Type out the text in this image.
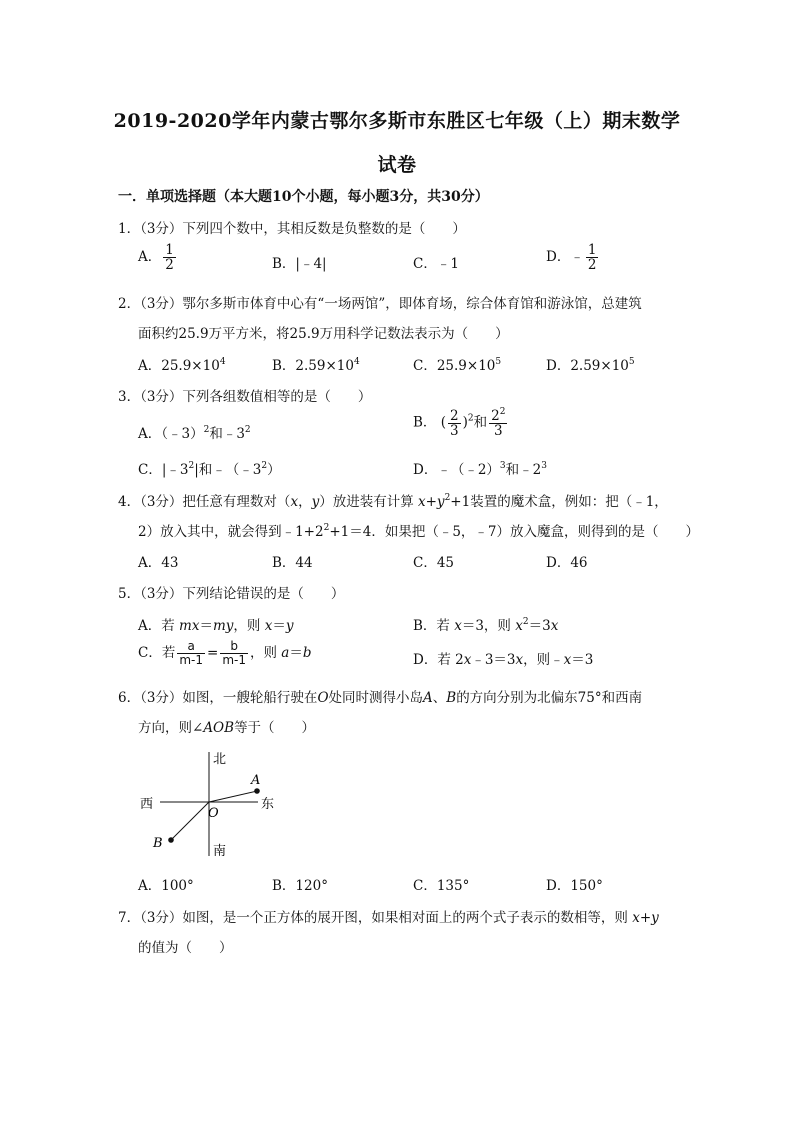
2019-2020学年内蒙古鄂尔多斯市东胜区七年级（上）期末数学
试卷
一．单项选择题（本大题10个小题，每小题3分，共30分）
1．（3分）下列四个数中，其相反数是负整数的是（　　）
A． $\frac{1}{2}$	B．|﹣4|	C．﹣1	D．﹣ $\frac{1}{2}$
2．（3分）鄂尔多斯市体育中心有“一场两馆”，即体育场，综合体育馆和游泳馆，总建筑
面积约25.9万平方米，将25.9万用科学记数法表示为（　　）
A．$25.9\times 10^4$	B．$2.59\times 10^4$	C．$25.9\times 10^5$	D．$2.59\times 10^5$
3．（3分）下列各组数值相等的是（　　）
A．（﹣3）$^2$和$﹣3^2$	B． ( $\frac{2}{3} )^2$和 $\frac{2^2}{3}$
C．$|﹣3^2|$和$﹣(﹣3^2)$	D．﹣（﹣2）$^3$和$﹣2^3$
4．（3分）把任意有理数对（x，y）放进装有计算 $x+y^2+1$装置的魔术盒，例如：把（﹣1，
2）放入其中，就会得到$﹣1+2^2+1=4$．如果把（﹣5，﹣7）放入魔盒，则得到的是（　　）
A．43	B．44	C．45	D．46
5．（3分）下列结论错误的是（　　）
A．若 mx＝my，则 x＝y	B．若 x＝3，则 $x^2=3x$
C．若 $\frac{a}{m-1} = \frac{b}{m-1}$ ，则 a＝b	D．若 2x﹣3＝3x，则﹣x＝3
6．（3分）如图，一艘轮船行驶在O处同时测得小岛A、B的方向分别为北偏东75°和西南
方向，则∠AOB等于（　　）
北
南
东
西
A
B
O
A．100°	B．120°	C．135°	D．150°
7．（3分）如图，是一个正方体的展开图，如果相对面上的两个式子表示的数相等，则 x+y
的值为（　　）
